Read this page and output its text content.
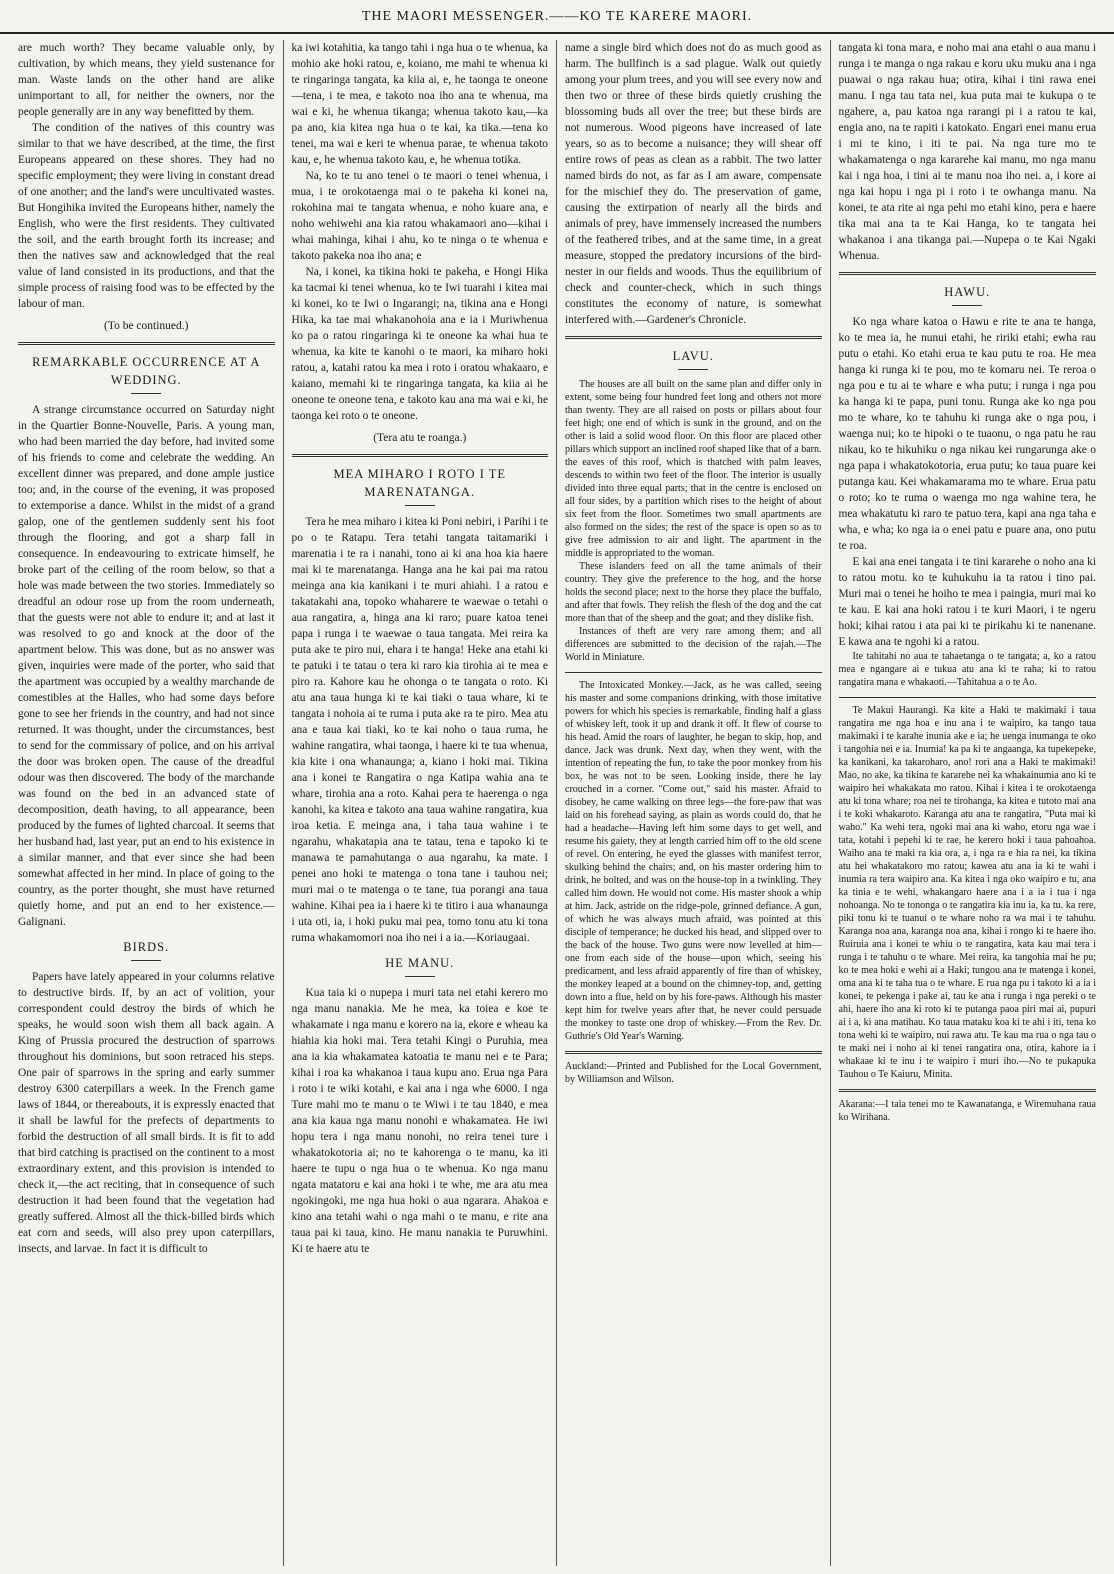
THE MAORI MESSENGER.——KO TE KARERE MAORI.

are much worth? They became valuable only, by cultivation, by which means, they yield sustenance for man. Waste lands on the other hand are alike unimportant to all, for neither the owners, nor the people generally are in any way benefitted by them.

The condition of the natives of this country was similar to that we have described, at the time, the first Europeans appeared on these shores. They had no specific employment; they were living in constant dread of one another; and the land's were uncultivated wastes. But Hongihika invited the Europeans hither, namely the English, who were the first residents. They cultivated the soil, and the earth brought forth its increase; and then the natives saw and acknowledged that the real value of land consisted in its productions, and that the simple process of raising food was to be effected by the labour of man.

(To be continued.)
REMARKABLE OCCURRENCE AT A WEDDING.

A strange circumstance occurred on Saturday night in the Quartier Bonne-Nouvelle, Paris. A young man, who had been married the day before, had invited some of his friends to come and celebrate the wedding. An excellent dinner was prepared, and done ample justice too; and, in the course of the evening, it was proposed to extemporise a dance. Whilst in the midst of a grand galop, one of the gentlemen suddenly sent his foot through the flooring, and got a sharp fall in consequence. In endeavouring to extricate himself, he broke part of the ceiling of the room below, so that a hole was made between the two stories. Immediately so dreadful an odour rose up from the room underneath, that the guests were not able to endure it; and at last it was resolved to go and knock at the door of the apartment below. This was done, but as no answer was given, inquiries were made of the porter, who said that the apartment was occupied by a wealthy marchande de comestibles at the Halles, who had some days before gone to see her friends in the country, and had not since returned. It was thought, under the circumstances, best to send for the commissary of police, and on his arrival the door was broken open. The cause of the dreadful odour was then discovered. The body of the marchande was found on the bed in an advanced state of decomposition, death having, to all appearance, been produced by the fumes of lighted charcoal. It seems that her husband had, last year, put an end to his existence in a similar manner, and that ever since she had been somewhat affected in her mind. In place of going to the country, as the porter thought, she must have returned quietly home, and put an end to her existence.—Galignani.

BIRDS.

Papers have lately appeared in your columns relative to destructive birds. If, by an act of volition, your correspondent could destroy the birds of which he speaks, he would soon wish them all back again. A King of Prussia procured the destruction of sparrows throughout his dominions, but soon retraced his steps. One pair of sparrows in the spring and early summer destroy 6300 caterpillars a week. In the French game laws of 1844, or thereabouts, it is expressly enacted that it shall be lawful for the prefects of departments to forbid the destruction of all small birds. It is fit to add that bird catching is practised on the continent to a most extraordinary extent, and this provision is intended to check it,—the act reciting, that in consequence of such destruction it had been found that the vegetation had greatly suffered. Almost all the thick-billed birds which eat corn and seeds, will also prey upon caterpillars, insects, and larvae. In fact it is difficult to

ka iwi kotahitia, ka tango tahi i nga hua o te whenua, ka mohio ake hoki ratou, e, koiano, me mahi te whenua ki te ringaringa tangata, ka kiia ai, e, he taonga te oneone—tena, i te mea, e takoto noa iho ana te whenua, ma wai e ki, he whenua tikanga; whenua takoto kau,—ka pa ano, kia kitea nga hua o te kai, ka tika.—tena ko tenei, ma wai e keri te whenua parae, te whenua takoto kau, e, he whenua takoto kau, e, he whenua totika.

Na, ko te tu ano tenei o te maori o tenei whenua, i mua, i te orokotaenga mai o te pakeha ki konei na, rokohina mai te tangata whenua, e noho kuare ana, e noho wehiwehi ana kia ratou whakamaori ano—kihai i whai mahinga, kihai i ahu, ko te ninga o te whenua e takoto pakeka noa iho ana; e

Na, i konei, ka tikina hoki te pakeha, e Hongi Hika ka tacmai ki tenei whenua, ko te Iwi tuarahi i kitea mai ki konei, ko te Iwi o Ingarangi; na, tikina ana e Hongi Hika, ka tae mai whakanohoia ana e ia i Muriwhenua ko pa o ratou ringaringa ki te oneone ka whai hua te whenua, ka kite te kanohi o te maori, ka miharo hoki ratou, a, katahi ratou ka mea i roto i oratou whakaaro, e kaiano, memahi ki te ringaringa tangata, ka kiia ai he oneone te oneone tena, e takoto kau ana ma wai e ki, he taonga kei roto o te oneone.

(Tera atu te roanga.)
MEA MIHARO I ROTO I TE MARENATANGA.

Tera he mea miharo i kitea ki Poni nebiri, i Parihi i te po o te Ratapu. Tera tetahi tangata taitamariki i marenatia i te ra i nanahi, tono ai ki ana hoa kia haere mai ki te marenatanga. Hanga ana he kai pai ma ratou meinga ana kia kanikani i te muri ahiahi. I a ratou e takatakahi ana, topoko whaharere te waewae o tetahi o aua rangatira, a, hinga ana ki raro; puare katoa tenei papa i runga i te waewae o taua tangata. Mei reira ka puta ake te piro nui, ehara i te hanga! Heke ana etahi ki te patuki i te tatau o tera ki raro kia tirohia ai te mea e piro ra. Kahore kau he ohonga o te tangata o roto. Ki atu ana taua hunga ki te kai tiaki o taua whare, ki te tangata i nohoia ai te ruma i puta ake ra te piro. Mea atu ana e taua kai tiaki, ko te kai noho o taua ruma, he wahine rangatira, whai taonga, i haere ki te tua whenua, kia kite i ona whanaunga; a, kiano i hoki mai. Tikina ana i konei te Rangatira o nga Katipa wahia ana te whare, tirohia ana a roto. Kahai pera te haerenga o nga kanohi, ka kitea e takoto ana taua wahine rangatira, kua iroa ketia. E meinga ana, i taha taua wahine i te ngarahu, whakatapia ana te tatau, tena e tapoko ki te manawa te pamahutanga o aua ngarahu, ka mate. I penei ano hoki te matenga o tona tane i tauhou nei; muri mai o te matenga o te tane, tua porangi ana taua wahine. Kihai pea ia i haere ki te titiro i aua whanaunga i uta oti, ia, i hoki puku mai pea, tomo tonu atu ki tona ruma whakamomori noa iho nei i a ia.—Koriaugaai.

HE MANU.

Kua taia ki o nupepa i muri tata nei etahi kerero mo nga manu nanakia. Me he mea, ka toiea e koe te whakamate i nga manu e korero na ia, ekore e wheau ka hiahia kia hoki mai. Tera tetahi Kingi o Puruhia, mea ana ia kia whakamatea katoatia te manu nei e te Para; kihai i roa ka whakanoa i taua kupu ano. Erua nga Para i roto i te wiki kotahi, e kai ana i nga whe 6000. I nga Ture mahi mo te manu o te Wiwi i te tau 1840, e mea ana kia kaua nga manu nonohi e whakamatea. He iwi hopu tera i nga manu nonohi, no reira tenei ture i whakatokotoria ai; no te kahorenga o te manu, ka iti haere te tupu o nga hua o te whenua. Ko nga manu ngata matatoru e kai ana hoki i te whe, me ara atu mea ngokingoki, me nga hua hoki o aua ngarara. Ahakoa e kino ana tetahi wahi o nga mahi o te manu, e rite ana taua pai ki taua, kino. He manu nanakia te Puruwhini. Ki te haere atu te

name a single bird which does not do as much good as harm. The bullfinch is a sad plague. Walk out quietly among your plum trees, and you will see every now and then two or three of these birds quietly crushing the blossoming buds all over the tree; but these birds are not numerous. Wood pigeons have increased of late years, so as to become a nuisance; they will shear off entire rows of peas as clean as a rabbit. The two latter named birds do not, as far as I am aware, compensate for the mischief they do. The preservation of game, causing the extirpation of nearly all the birds and animals of prey, have immensely increased the numbers of the feathered tribes, and at the same time, in a great measure, stopped the predatory incursions of the bird-nester in our fields and woods. Thus the equilibrium of check and counter-check, which in such things constitutes the economy of nature, is somewhat interfered with.—Gardener's Chronicle.

LAVU.

The houses are all built on the same plan and differ only in extent, some being four hundred feet long and others not more than twenty. They are all raised on posts or pillars about four feet high; one end of which is sunk in the ground, and on the other is laid a solid wood floor. On this floor are placed other pillars which support an inclined roof shaped like that of a barn. the eaves of this roof, which is thatched with palm leaves, descends to within two feet of the floor. The interior is usually divided into three equal parts; that in the centre is enclosed on all four sides, by a partition which rises to the height of about six feet from the floor. Sometimes two small apartments are also formed on the sides; the rest of the space is open so as to give free admission to air and light. The apartment in the middle is appropriated to the woman.

These islanders feed on all the tame animals of their country. They give the preference to the hog, and the horse holds the second place; next to the horse they place the buffalo, and after that fowls. They relish the flesh of the dog and the cat more than that of the sheep and the goat; and they dislike fish.

Instances of theft are very rare among them; and all differences are submitted to the decision of the rajah.—The World in Miniature.

The Intoxicated Monkey.—Jack, as he was called, seeing his master and some companions drinking, with those imitative powers for which his species is remarkable, finding half a glass of whiskey left, took it up and drank it off. It flew of course to his head. Amid the roars of laughter, he began to skip, hop, and dance. Jack was drunk. Next day, when they went, with the intention of repeating the fun, to take the poor monkey from his box, he was not to be seen. Looking inside, there he lay crouched in a corner. "Come out," said his master. Afraid to disobey, he came walking on three legs—the fore-paw that was laid on his forehead saying, as plain as words could do, that he had a headache—Having left him some days to get well, and resume his gaiety, they at length carried him off to the old scene of revel. On entering, he eyed the glasses with manifest terror, skulking behind the chairs; and, on his master ordering him to drink, he bolted, and was on the house-top in a twinkling. They called him down. He would not come. His master shook a whip at him. Jack, astride on the ridge-pole, grinned defiance. A gun, of which he was always much afraid, was pointed at this disciple of temperance; he ducked his head, and slipped over to the back of the house. Two guns were now levelled at him—one from each side of the house—upon which, seeing his predicament, and less afraid apparently of fire than of whiskey, the monkey leaped at a bound on the chimney-top, and, getting down into a flue, held on by his fore-paws. Although his master kept him for twelve years after that, he never could persuade the monkey to taste one drop of whiskey.—From the Rev. Dr. Guthrie's Old Year's Warning.

Auckland:—Printed and Published for the Local Government, by Williamson and Wilson.

tangata ki tona mara, e noho mai ana etahi o aua manu i runga i te manga o nga rakau e koru uku muku ana i nga puawai o nga rakau hua; otira, kihai i tini rawa enei manu. I nga tau tata nei, kua puta mai te kukupa o te ngahere, a, pau katoa nga rarangi pi i a ratou te kai, engia ano, na te rapiti i katokato. Engari enei manu erua i mi te kino, i iti te pai. Na nga ture mo te whakamatenga o nga kararehe kai manu, mo nga manu kai i nga hoa, i tini ai te manu noa iho nei. a, i kore ai nga kai hopu i nga pi i roto i te owhanga manu. Na konei, te ata rite ai nga pehi mo etahi kino, pera e haere tika mai ana ta te Kai Hanga, ko te tangata hei whakanoa i ana tikanga pai.—Nupepa o te Kai Ngaki Whenua.

HAWU.

Ko nga whare katoa o Hawu e rite te ana te hanga, ko te mea ia, he nunui etahi, he ririki etahi; ewha rau putu o etahi. Ko etahi erua te kau putu te roa. He mea hanga ki runga ki te pou, mo te komaru nei. Te reroa o nga pou e tu ai te whare e wha putu; i runga i nga pou ka hanga ki te papa, puni tonu. Runga ake ko nga pou mo te whare, ko te tahuhu ki runga ake o nga pou, i waenga nui; ko te hipoki o te tuaonu, o nga patu he rau nikau, ko te hikuhiku o nga nikau kei rungarunga ake o nga papa i whakatokotoria, erua putu; ko taua puare kei putanga kau. Kei whakamarama mo te whare. Erua patu o roto; ko te ruma o waenga mo nga wahine tera, he mea whakatutu ki raro te patuo tera, kapi ana nga taha e wha, e wha; ko nga ia o enei patu e puare ana, ono putu te roa.

E kai ana enei tangata i te tini kararehe o noho ana ki to ratou motu. ko te kuhukuhu ia ta ratou i tino pai. Muri mai o tenei he hoiho te mea i paingia, muri mai ko te kau. E kai ana hoki ratou i te kuri Maori, i te ngeru hoki; kihai ratou i ata pai ki te pirikahu ki te nanenane. E kawa ana te ngohi ki a ratou.

Ite tahitahi no aua te tahaetanga o te tangata; a, ko a ratou mea e ngangare ai e tukua atu ana ki te raha; ki to ratou rangatira mana e whakaoti.—Tahitahua a o te Ao.

Te Makui Haurangi. Ka kite a Haki te makimaki i taua rangatira me nga hoa e inu ana i te waipiro, ka tango taua makimaki i te karahe inunia ake e ia; he uenga inumanga te oko i tangohia nei e ia. Inumia! ka pa ki te angaanga, ka tupekepeke, ka kanikani, ka takaroharo, ano! rori ana a Haki te makimaki! Mao, no ake, ka tikina te kararehe nei ka whakainumia ano ki te waipiro hei whakakata mo ratou. Kihai i kitea i te orokotaenga atu ki tona whare; roa nei te tirohanga, ka kitea e tutoto mai ana i te koki whakaroto. Karanga atu ana te rangatira, "Puta mai ki waho." Ka wehi tera, ngoki mai ana ki waho, etoru nga wae i tata, kotahi i pepehi ki te rae, he kerero hoki i taua pahoahoa. Waiho ana te maki ra kia ora, a, i nga ra e hia ra nei, ka tikina atu hei whakatakoro mo ratou; kawea atu ana ia ki te wahi i inumia ra tera waipiro ana. Ka kitea i nga oko waipiro e tu, ana ka tinia e te wehi, whakangaro haere ana i a ia i tua i nga nohoanga. No te tononga o te rangatira kia inu ia, ka tu. ka rere, piki tonu ki te tuanui o te whare noho ra wa mai i te tahuhu. Karanga noa ana, karanga noa ana, kihai i rongo ki te haere iho. Ruiruia ana i konei te whiu o te rangatira, kata kau mai tera i runga i te tahuhu o te whare. Mei reira, ka tangohia mai he pu; ko te mea hoki e wehi ai a Haki; tungou ana te matenga i konei, oma ana ki te taha tua o te whare. E rua nga pu i takoto ki a ia i konei, te pekenga i pake ai, tau ke ana i runga i nga pereki o te ahi, haere iho ana ki roto ki te putanga paoa piri mai ai, pupuri ai i a, ki ana matihau. Ko taua mataku koa ki te ahi i iti, tena ko tona wehi ki te waipiro, nui rawa atu. Te kau ma rua o nga tau o te maki nei i noho ai ki tenei rangatira ona, otira, kahore ia i whakaae ki te inu i te waipiro i muri iho.—No te pukapuka Tauhou o Te Kaiuru, Minita.

Akarana:—I taia tenei mo te Kawanatanga, e Wiremuhana raua ko Wirihana.
